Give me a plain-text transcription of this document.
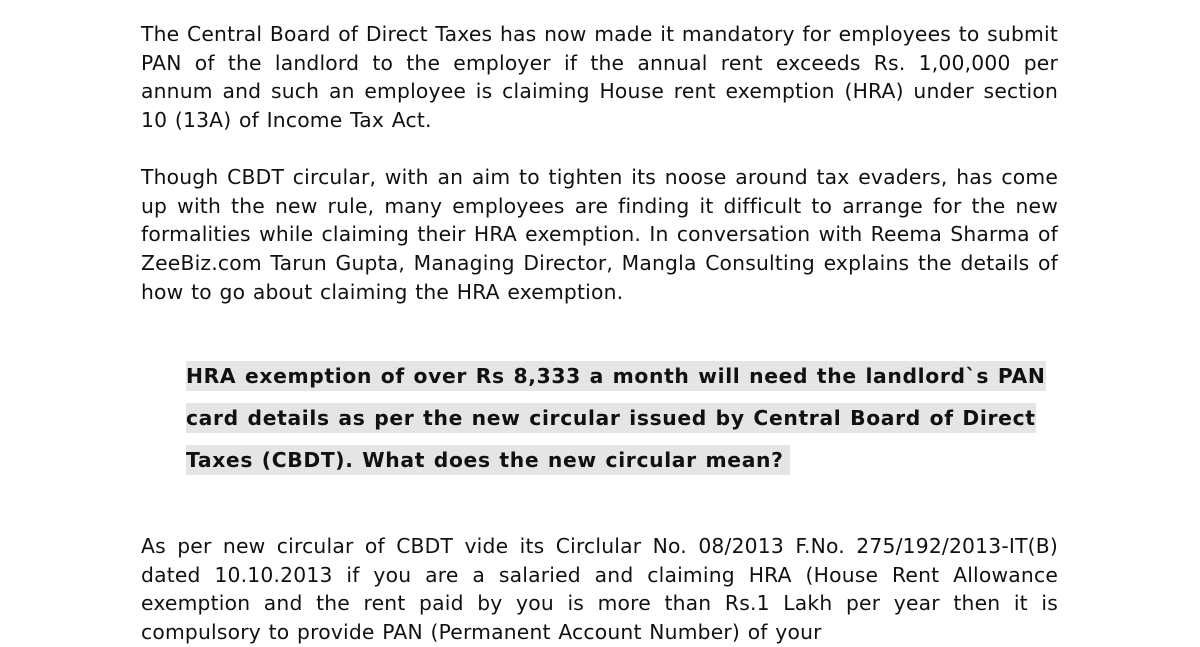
The Central Board of Direct Taxes has now made it mandatory for employees to submit PAN of the landlord to the employer if the annual rent exceeds Rs. 1,00,000 per annum and such an employee is claiming House rent exemption (HRA) under section 10 (13A) of Income Tax Act.

Though CBDT circular, with an aim to tighten its noose around tax evaders, has come up with the new rule, many employees are finding it difficult to arrange for the new formalities while claiming their HRA exemption. In conversation with Reema Sharma of ZeeBiz.com Tarun Gupta, Managing Director, Mangla Consulting explains the details of how to go about claiming the HRA exemption.

HRA exemption of over Rs 8,333 a month will need the landlord`s PAN card details as per the new circular issued by Central Board of Direct Taxes (CBDT). What does the new circular mean?

As per new circular of CBDT vide its Circlular No. 08/2013 F.No. 275/192/2013-IT(B) dated 10.10.2013 if you are a salaried and claiming HRA (House Rent Allowance exemption and the rent paid by you is more than Rs.1 Lakh per year then it is compulsory to provide PAN (Permanent Account Number) of your
